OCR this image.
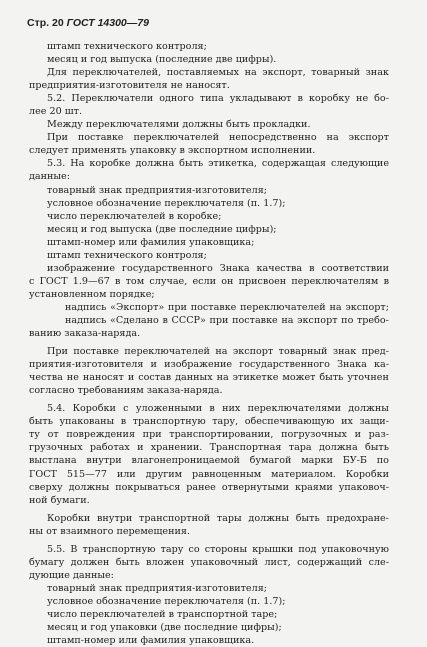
Стр. 20 ГОСТ 14300—79
штамп технического контроля;
месяц и год выпуска (последние две цифры).
Для переключателей, поставляемых на экспорт, товарный знак
предприятия-изготовителя не наносят.
5.2. Переключатели одного типа укладывают в коробку не бо-
лее 20 шт.
Между переключателями должны быть прокладки.
При поставке переключателей непосредственно на экспорт
следует применять упаковку в экспортном исполнении.
5.3. На коробке должна быть этикетка, содержащая следующие
данные:
товарный знак предприятия-изготовителя;
условное обозначение переключателя (п. 1.7);
число переключателей в коробке;
месяц и год выпуска (две последние цифры);
штамп-номер или фамилия упаковщика;
штамп технического контроля;
изображение государственного Знака качества в соответствии
с ГОСТ 1.9—67 в том случае, если он присвоен переключателям в
установленном порядке;
надпись «Экспорт» при поставке переключателей на экспорт;
надпись «Сделано в СССР» при поставке на экспорт по требо-
ванию заказа-наряда.
При поставке переключателей на экспорт товарный знак пред-
приятия-изготовителя и изображение государственного Знака ка-
чества не наносят и состав данных на этикетке может быть уточнен
согласно требованиям заказа-наряда.
5.4. Коробки с уложенными в них переключателями должны
быть упакованы в транспортную тару, обеспечивающую их защи-
ту от повреждения при транспортировании, погрузочных и раз-
грузочных работах и хранении. Транспортная тара должна быть
выстлана внутри влагонепроницаемой бумагой марки БУ-Б по
ГОСТ 515—77 или другим равноценным материалом. Коробки
сверху должны покрываться ранее отвернутыми краями упаковоч-
ной бумаги.
Коробки внутри транспортной тары должны быть предохране-
ны от взаимного перемещения.
5.5. В транспортную тару со стороны крышки под упаковочную
бумагу должен быть вложен упаковочный лист, содержащий сле-
дующие данные:
товарный знак предприятия-изготовителя;
условное обозначение переключателя (п. 1.7);
число переключателей в транспортной таре;
месяц и год упаковки (две последние цифры);
штамп-номер или фамилия упаковщика.
